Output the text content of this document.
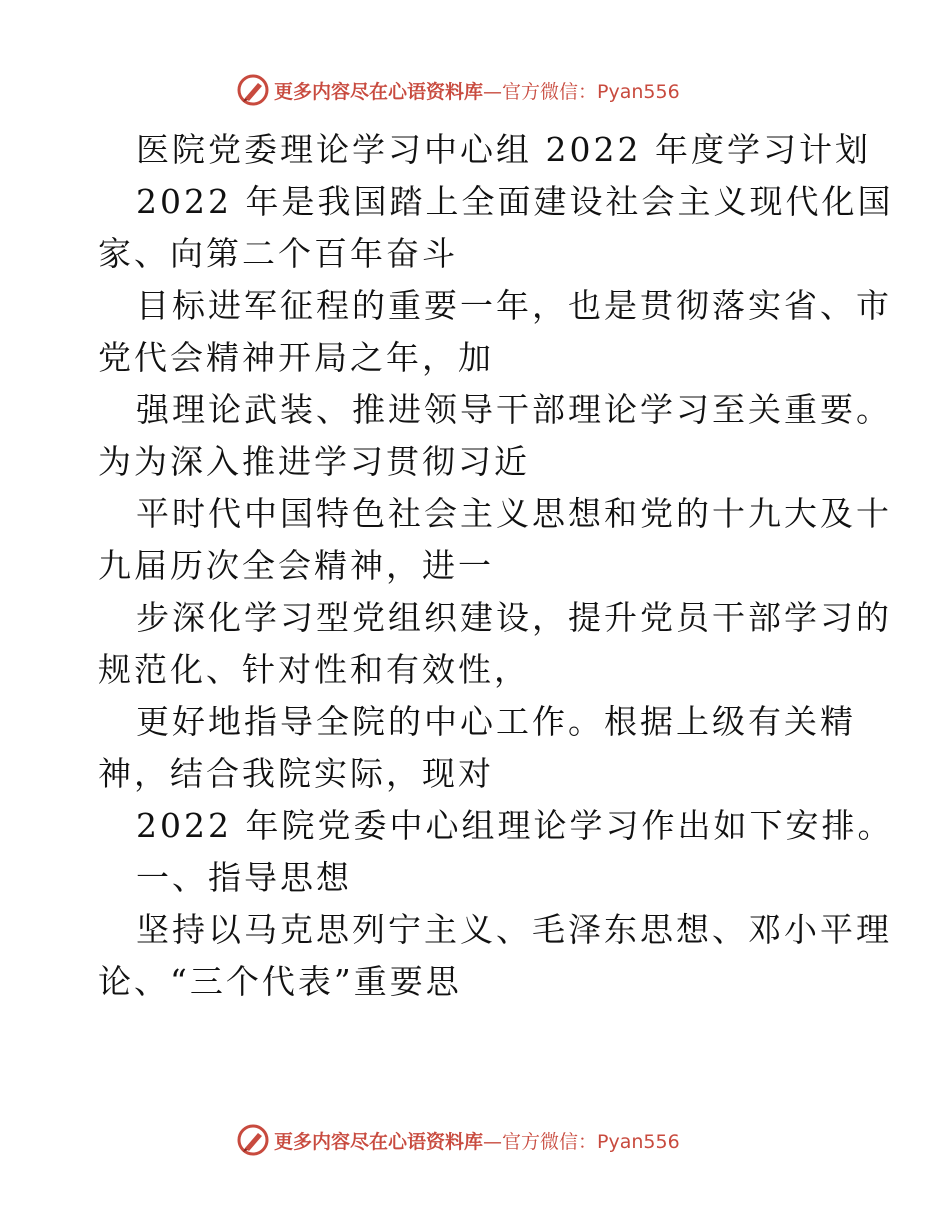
更多内容尽在心语资料库—官方微信：Pyan556
医院党委理论学习中心组 2022 年度学习计划
2022 年是我国踏上全面建设社会主义现代化国
家、向第二个百年奋斗
目标进军征程的重要一年，也是贯彻落实省、市
党代会精神开局之年，加
强理论武装、推进领导干部理论学习至关重要。
为为深入推进学习贯彻习近
平时代中国特色社会主义思想和党的十九大及十
九届历次全会精神，进一
步深化学习型党组织建设，提升党员干部学习的
规范化、针对性和有效性，
更好地指导全院的中心工作。根据上级有关精
神，结合我院实际，现对
2022 年院党委中心组理论学习作出如下安排。
一、指导思想
坚持以马克思列宁主义、毛泽东思想、邓小平理
论、“三个代表”重要思
更多内容尽在心语资料库—官方微信：Pyan556
